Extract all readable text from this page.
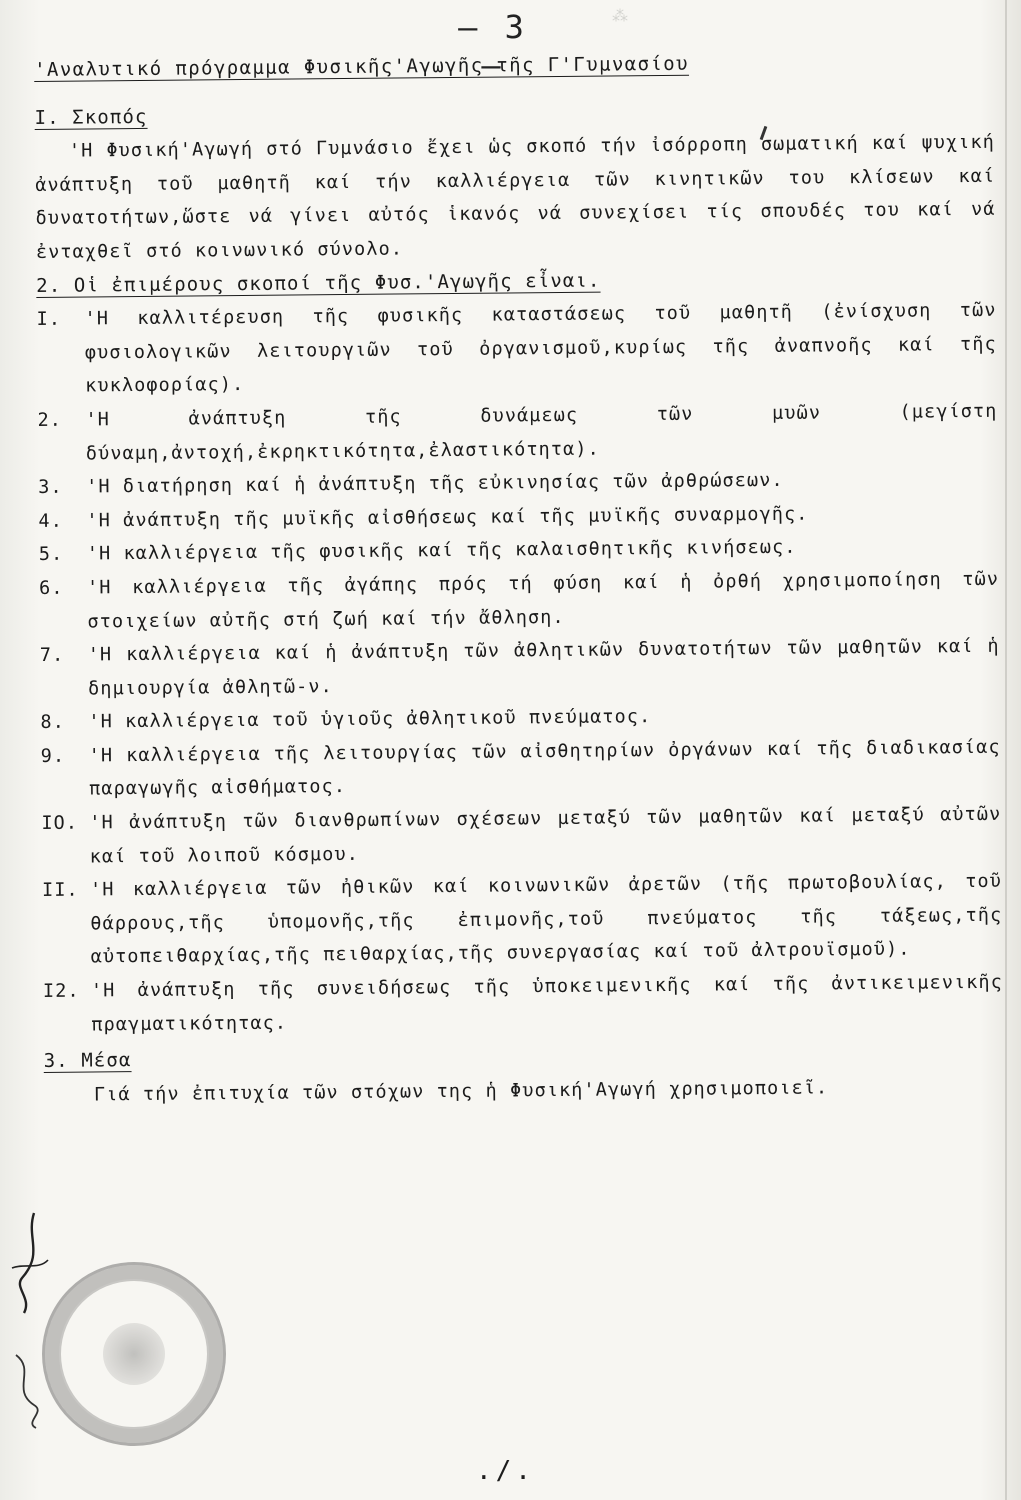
– 3 –	⁂
'Αναλυτικό πρόγραμμα Φυσικῆς'Αγωγῆς τῆς Γ'Γυμνασίου
Ι. Σκοπός

'Η Φυσική'Αγωγή στό Γυμνάσιο ἔχει ὡς σκοπό τήν ἰσόρροπη σωματική καί ψυχική ἀνάπτυξη τοῦ μαθητῆ καί τήν καλλιέργεια τῶν κινητικῶν του κλίσεων καί δυνατοτήτων,ὥστε νά γίνει αὐτός ἱκανός νά συνεχίσει τίς σπουδές του καί νά ἐνταχθεῖ στό κοινωνικό σύνολο.

2. Οἱ ἐπιμέρους σκοποί τῆς Φυσ.'Αγωγῆς εἶναι.
Ι.	'Η καλλιτέρευση τῆς φυσικῆς καταστάσεως τοῦ μαθητῆ (ἐνίσχυση τῶν φυσιολογικῶν λειτουργιῶν τοῦ ὀργανισμοῦ,κυρίως τῆς ἀναπνοῆς καί τῆς κυκλοφορίας).
2.	'Η ἀνάπτυξη τῆς δυνάμεως τῶν μυῶν (μεγίστη δύναμη,ἀντοχή,ἐκρηκτικότητα,ἐλαστικότητα).
3.	'Η διατήρηση καί ἡ ἀνάπτυξη τῆς εὐκινησίας τῶν ἀρθρώσεων.
4.	'Η ἀνάπτυξη τῆς μυϊκῆς αἰσθήσεως καί τῆς μυϊκῆς συναρμογῆς.
5.	'Η καλλιέργεια τῆς φυσικῆς καί τῆς καλαισθητικῆς κινήσεως.
6.	'Η καλλιέργεια τῆς ἀγάπης πρός τή φύση καί ἡ ὀρθή χρησιμοποίηση τῶν στοιχείων αὐτῆς στή ζωή καί τήν ἄθληση.
7.	'Η καλλιέργεια καί ἡ ἀνάπτυξη τῶν ἀθλητικῶν δυνατοτήτων τῶν μαθητῶν καί ἡ δημιουργία ἀθλητῶ-ν.
8.	'Η καλλιέργεια τοῦ ὑγιοῦς ἀθλητικοῦ πνεύματος.
9.	'Η καλλιέργεια τῆς λειτουργίας τῶν αἰσθητηρίων ὀργάνων καί τῆς διαδικασίας παραγωγῆς αἰσθήματος.
ΙΟ. 'Η ἀνάπτυξη τῶν διανθρωπίνων σχέσεων μεταξύ τῶν μαθητῶν καί μεταξύ αὐτῶν καί τοῦ λοιποῦ κόσμου.
ΙΙ. 'Η καλλιέργεια τῶν ἠθικῶν καί κοινωνικῶν ἀρετῶν (τῆς πρωτοβουλίας, τοῦ θάρρους,τῆς ὑπομονῆς,τῆς ἐπιμονῆς,τοῦ πνεύματος τῆς τάξεως,τῆς αὐτοπειθαρχίας,τῆς πειθαρχίας,τῆς συνεργασίας καί τοῦ ἀλτρουϊσμοῦ).
Ι2. 'Η ἀνάπτυξη τῆς συνειδήσεως τῆς ὑποκειμενικῆς καί τῆς ἀντικειμενικῆς πραγματικότητας.
3. Μέσα

Γιά τήν ἐπιτυχία τῶν στόχων της ἡ Φυσική'Αγωγή χρησιμοποιεῖ.

./.
